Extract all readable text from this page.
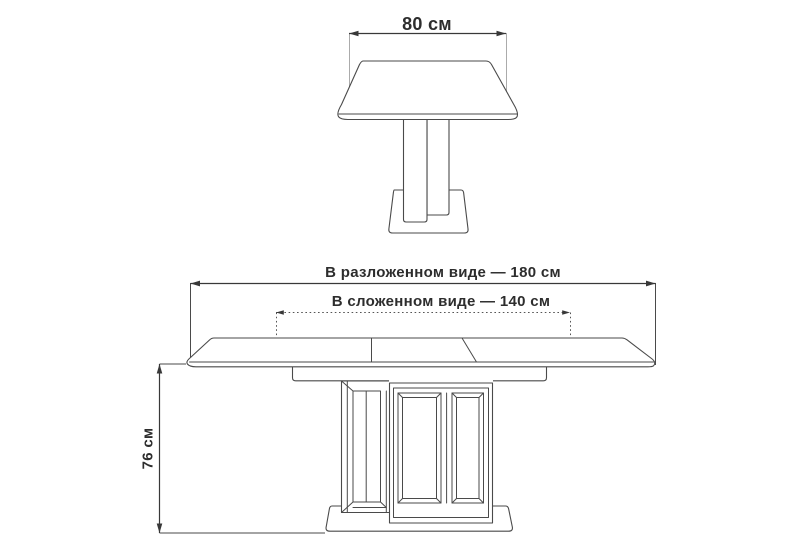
80 см
В разложенном виде — 180 см
В сложенном виде — 140 см
76 см
